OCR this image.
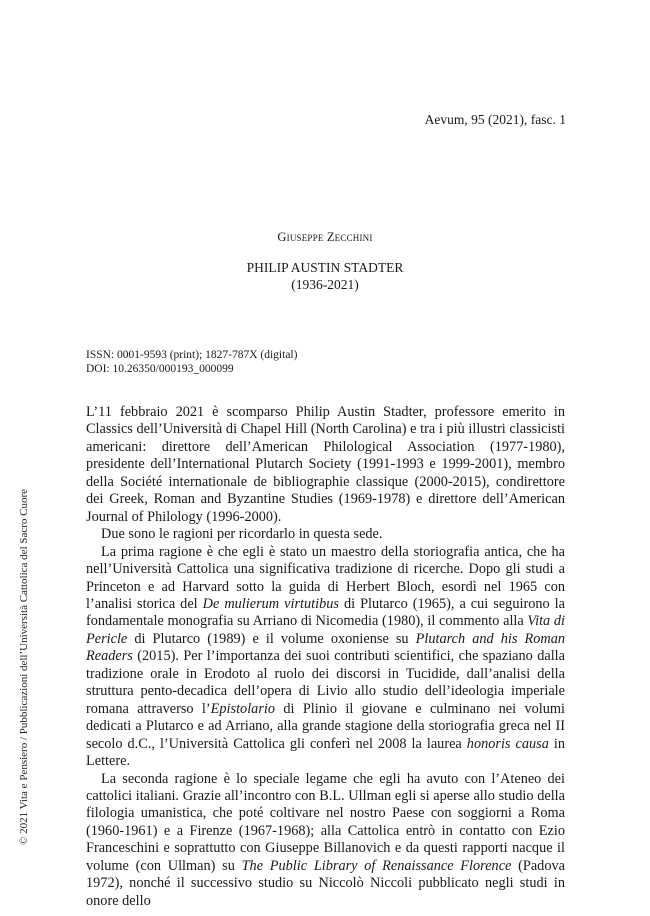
Aevum, 95 (2021), fasc. 1
Giuseppe Zecchini
PHILIP AUSTIN STADTER
(1936-2021)
ISSN: 0001-9593 (print); 1827-787X (digital)
DOI: 10.26350/000193_000099

L’11 febbraio 2021 è scomparso Philip Austin Stadter, professore emerito in Classics dell’Università di Chapel Hill (North Carolina) e tra i più illustri classicisti americani: direttore dell’American Philological Association (1977-1980), presidente dell’International Plutarch Society (1991-1993 e 1999-2001), membro della Société internationale de bibliographie classique (2000-2015), condirettore dei Greek, Roman and Byzantine Studies (1969-1978) e direttore dell’American Journal of Philology (1996-2000).

Due sono le ragioni per ricordarlo in questa sede.

La prima ragione è che egli è stato un maestro della storiografia antica, che ha nell’Università Cattolica una significativa tradizione di ricerche. Dopo gli studi a Princeton e ad Harvard sotto la guida di Herbert Bloch, esordì nel 1965 con l’analisi storica del De mulierum virtutibus di Plutarco (1965), a cui seguirono la fondamentale monografia su Arriano di Nicomedia (1980), il commento alla Vita di Pericle di Plutarco (1989) e il volume oxoniense su Plutarch and his Roman Readers (2015). Per l’importanza dei suoi contributi scientifici, che spaziano dalla tradizione orale in Erodoto al ruolo dei discorsi in Tucidide, dall’analisi della struttura pento-decadica dell’opera di Livio allo studio dell’ideologia imperiale romana attraverso l’Epistolario di Plinio il giovane e culminano nei volumi dedicati a Plutarco e ad Arriano, alla grande stagione della storiografia greca nel II secolo d.C., l’Università Cattolica gli conferì nel 2008 la laurea honoris causa in Lettere.

La seconda ragione è lo speciale legame che egli ha avuto con l’Ateneo dei cattolici italiani. Grazie all’incontro con B.L. Ullman egli si aperse allo studio della filologia umanistica, che poté coltivare nel nostro Paese con soggiorni a Roma (1960-1961) e a Firenze (1967-1968); alla Cattolica entrò in contatto con Ezio Franceschini e soprattutto con Giuseppe Billanovich e da questi rapporti nacque il volume (con Ullman) su The Public Library of Renaissance Florence (Padova 1972), nonché il successivo studio su Niccolò Niccoli pubblicato negli studi in onore dello

© 2021 Vita e Pensiero / Pubblicazioni dell’Università Cattolica del Sacro Cuore
